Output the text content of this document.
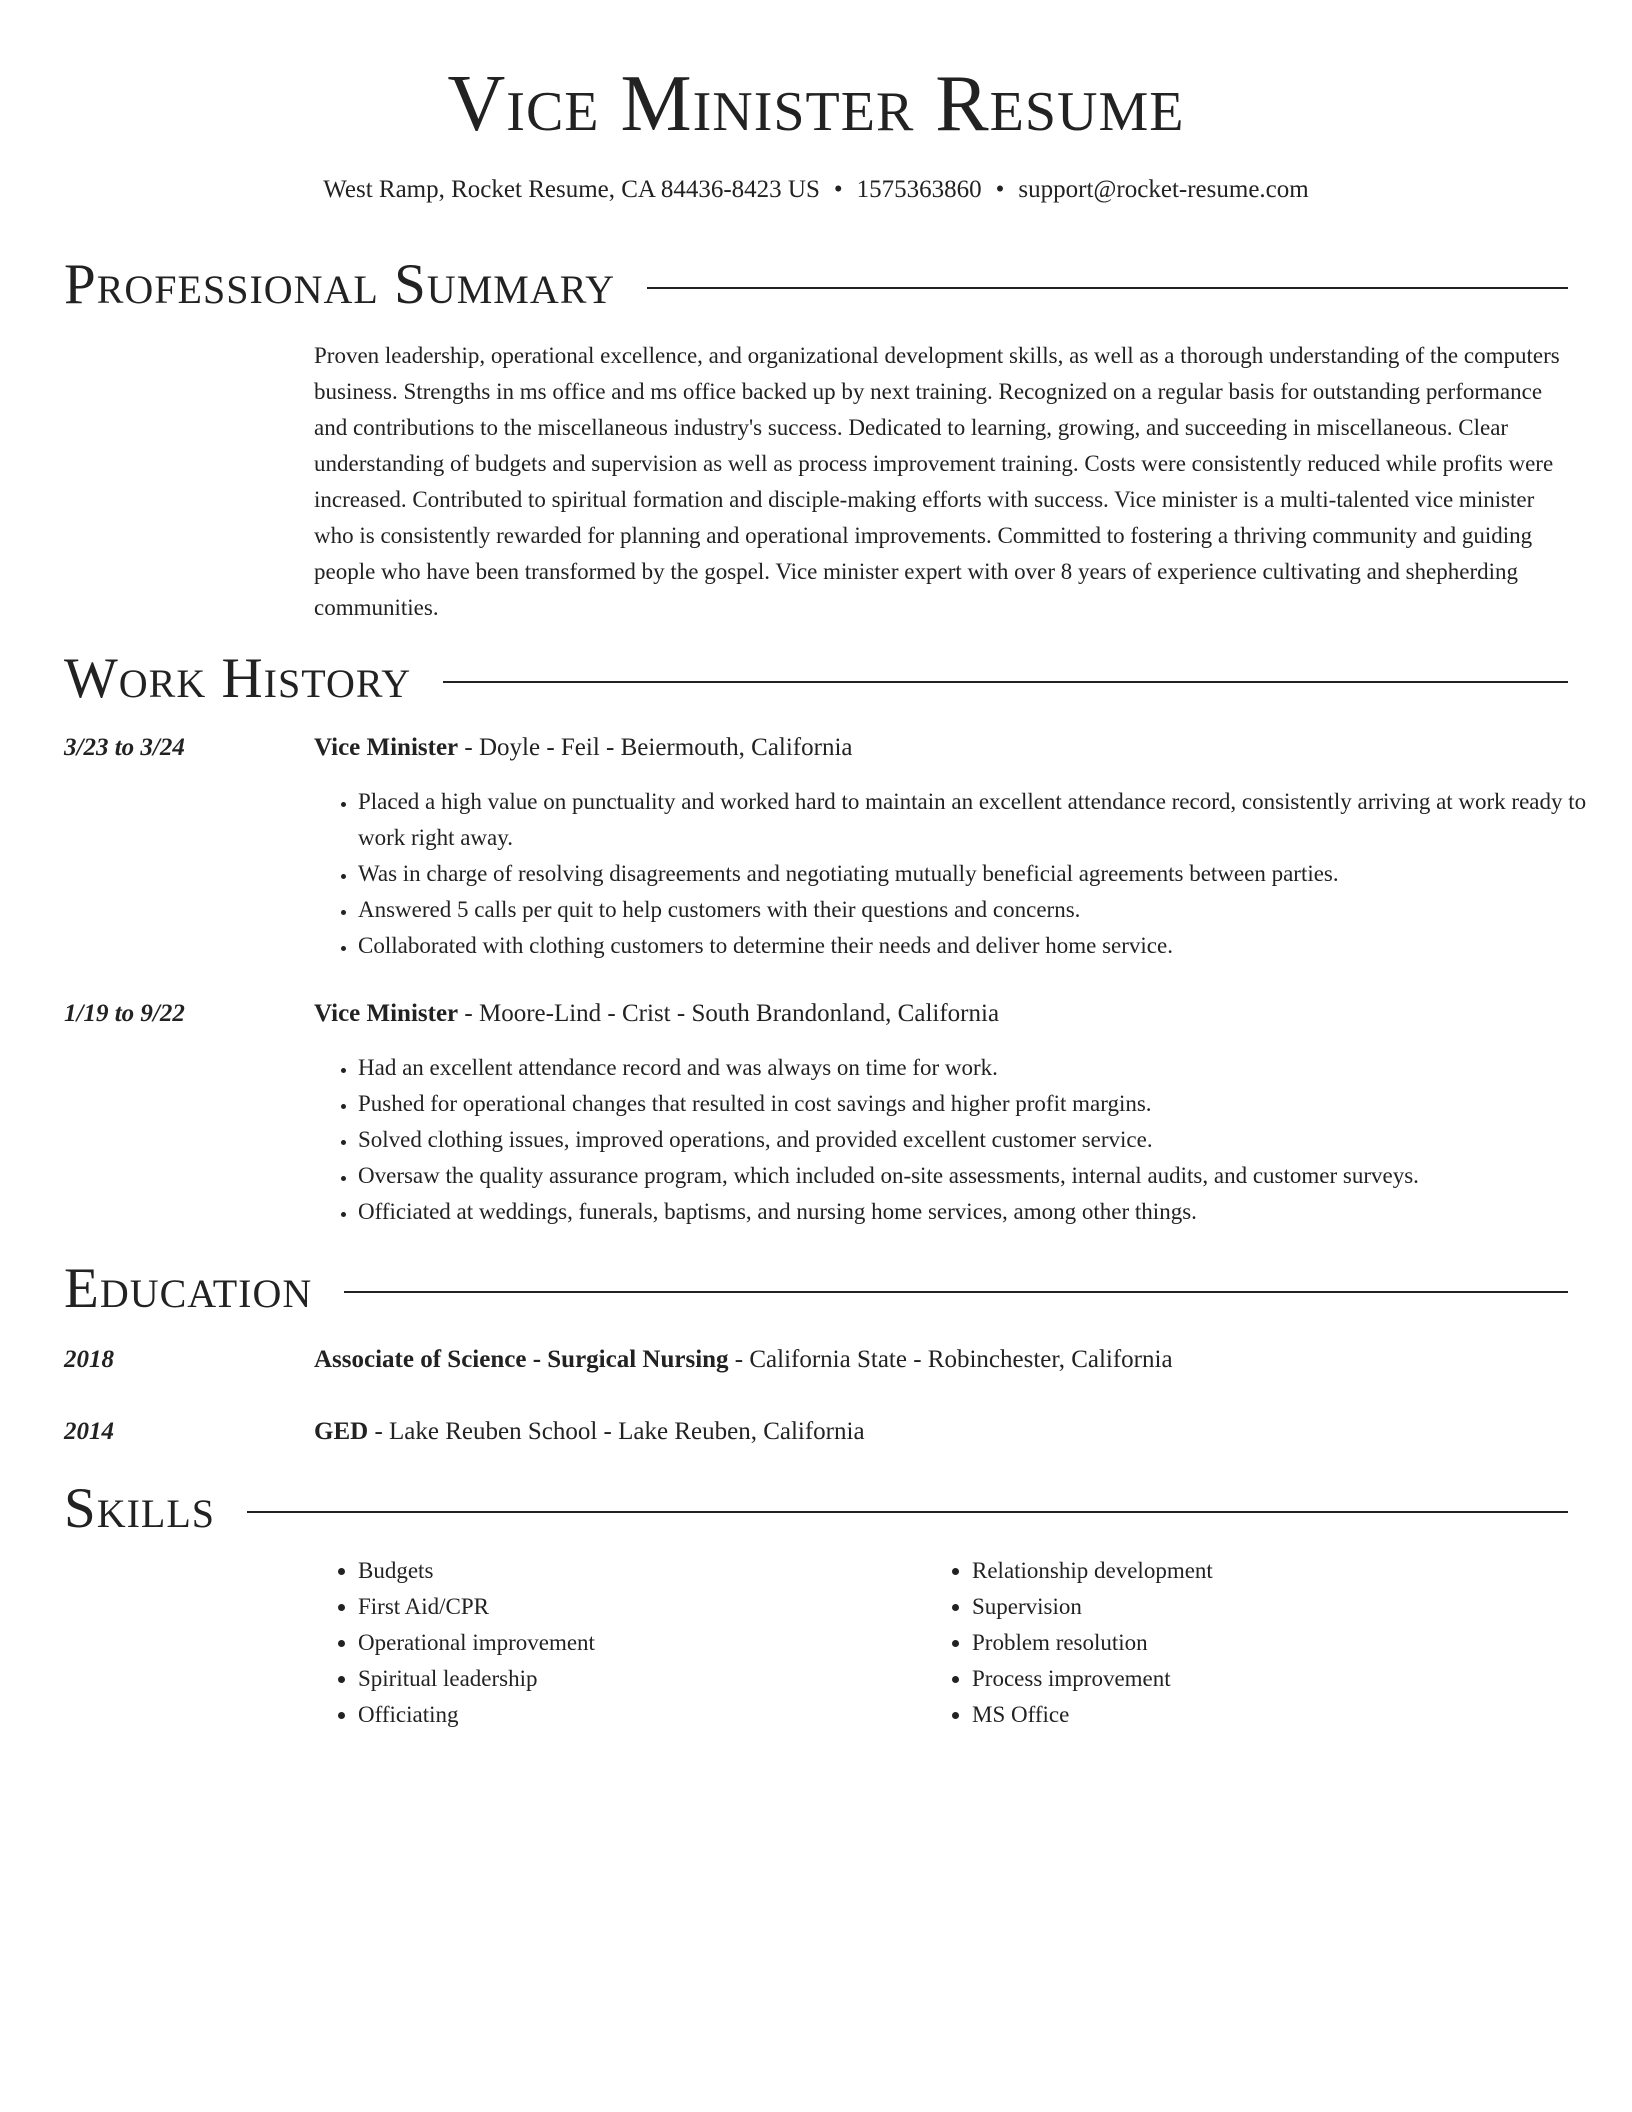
Vice Minister Resume
West Ramp, Rocket Resume, CA 84436-8423 US • 1575363860 • support@rocket-resume.com
Professional Summary

Proven leadership, operational excellence, and organizational development skills, as well as a thorough understanding of the computers business. Strengths in ms office and ms office backed up by next training. Recognized on a regular basis for outstanding performance and contributions to the miscellaneous industry's success. Dedicated to learning, growing, and succeeding in miscellaneous. Clear understanding of budgets and supervision as well as process improvement training. Costs were consistently reduced while profits were increased. Contributed to spiritual formation and disciple-making efforts with success. Vice minister is a multi-talented vice minister who is consistently rewarded for planning and operational improvements. Committed to fostering a thriving community and guiding people who have been transformed by the gospel. Vice minister expert with over 8 years of experience cultivating and shepherding communities.

Work History
3/23 to 3/24	Vice Minister - Doyle - Feil - Beiermouth, California
• Placed a high value on punctuality and worked hard to maintain an excellent attendance record, consistently arriving at work ready to work right away.
• Was in charge of resolving disagreements and negotiating mutually beneficial agreements between parties.
• Answered 5 calls per quit to help customers with their questions and concerns.
• Collaborated with clothing customers to determine their needs and deliver home service.
1/19 to 9/22	Vice Minister - Moore-Lind - Crist - South Brandonland, California
• Had an excellent attendance record and was always on time for work.
• Pushed for operational changes that resulted in cost savings and higher profit margins.
• Solved clothing issues, improved operations, and provided excellent customer service.
• Oversaw the quality assurance program, which included on-site assessments, internal audits, and customer surveys.
• Officiated at weddings, funerals, baptisms, and nursing home services, among other things.
Education
2018	Associate of Science - Surgical Nursing - California State - Robinchester, California
2014	GED - Lake Reuben School - Lake Reuben, California
Skills
• Budgets
• First Aid/CPR
• Operational improvement
• Spiritual leadership
• Officiating
• Relationship development
• Supervision
• Problem resolution
• Process improvement
• MS Office
